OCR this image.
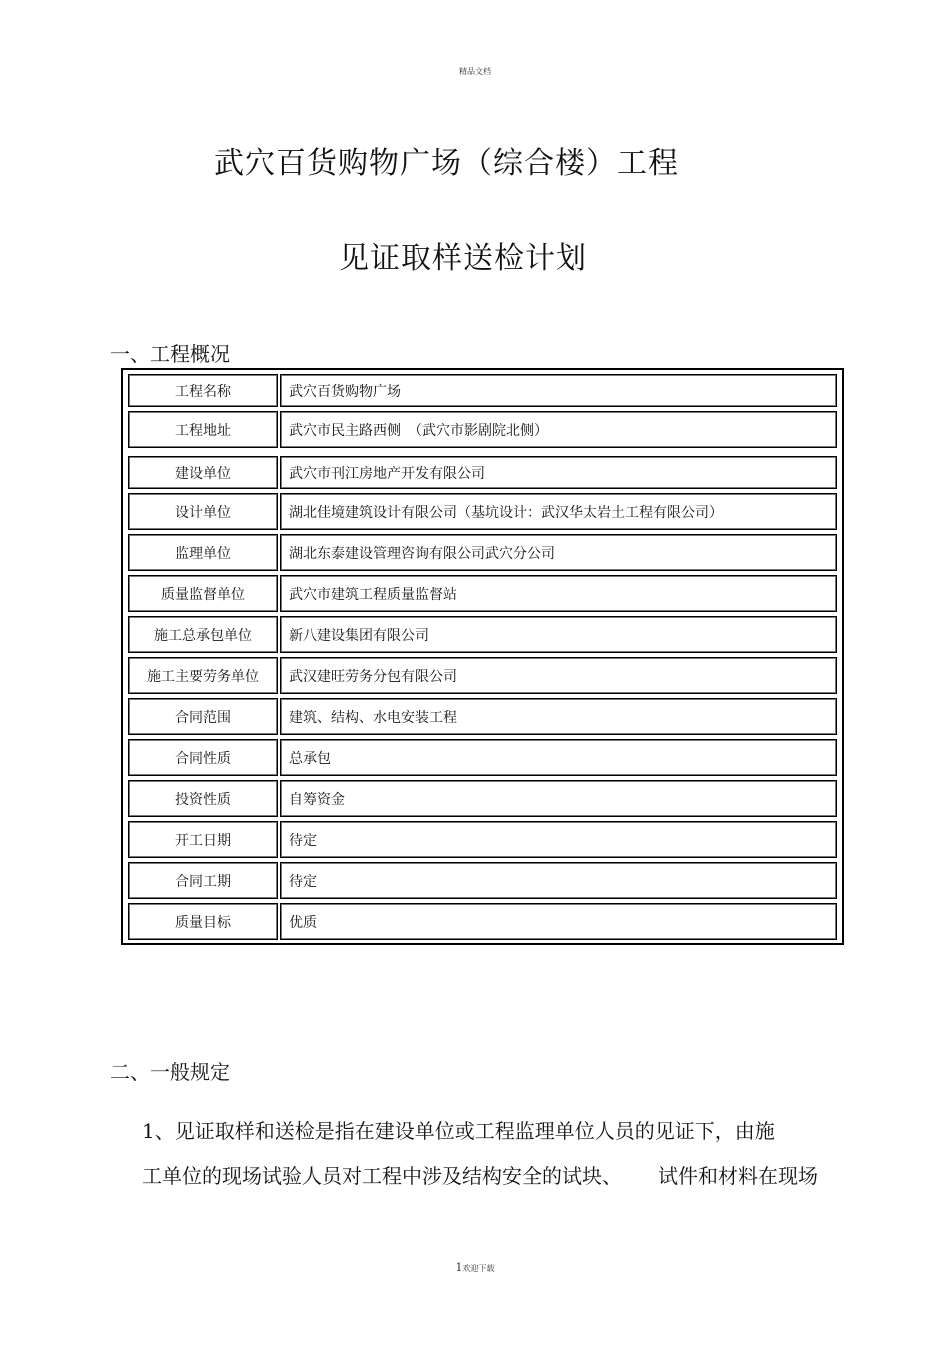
精品文档
武穴百货购物广场（综合楼）工程
见证取样送检计划
一、工程概况
工程名称	武穴百货购物广场
工程地址	武穴市民主路西侧　（武穴市影剧院北侧）
建设单位	武穴市刊江房地产开发有限公司
设计单位	湖北佳境建筑设计有限公司（基坑设计：武汉华太岩土工程有限公司）
监理单位	湖北东泰建设管理咨询有限公司武穴分公司
质量监督单位	武穴市建筑工程质量监督站
施工总承包单位	新八建设集团有限公司
施工主要劳务单位	武汉建旺劳务分包有限公司
合同范围	建筑、结构、水电安装工程
合同性质	总承包
投资性质	自筹资金
开工日期	待定
合同工期	待定
质量目标	优质
二、一般规定
1、见证取样和送检是指在建设单位或工程监理单位人员的见证下，由施
工单位的现场试验人员对工程中涉及结构安全的试块、 试件和材料在现场
1欢迎下载
